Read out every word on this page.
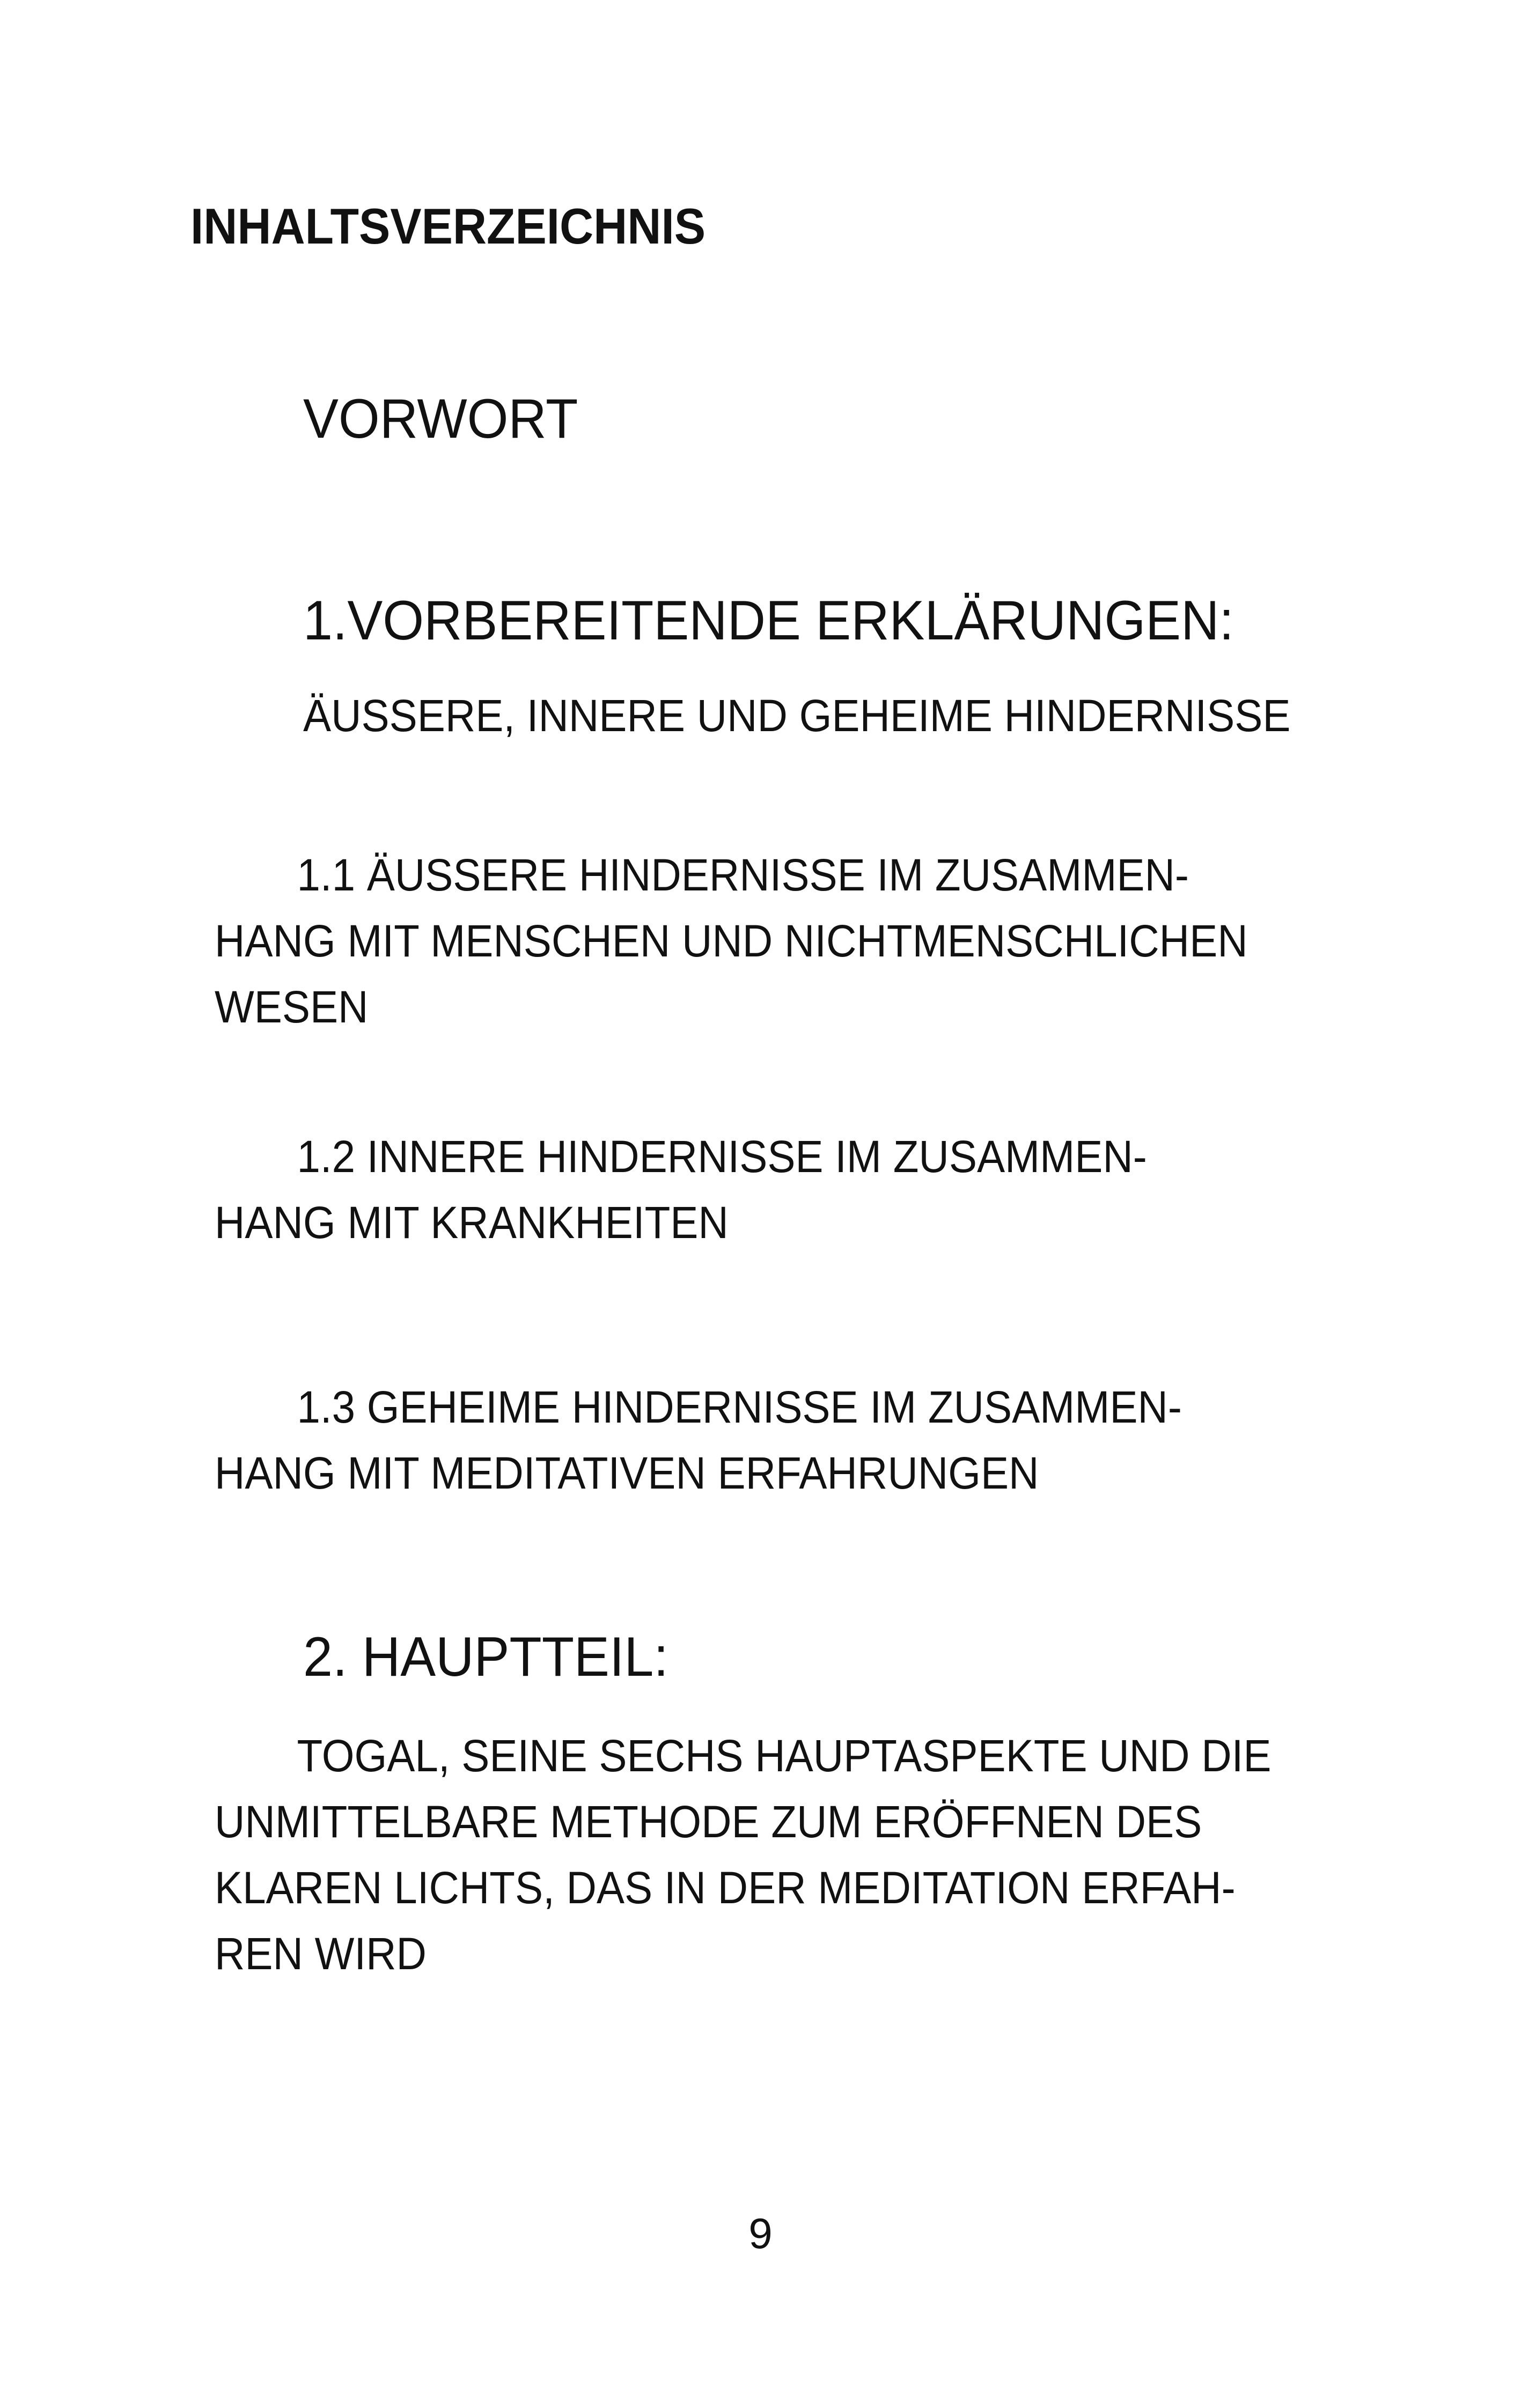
INHALTSVERZEICHNIS
VORWORT
1.VORBEREITENDE ERKLÄRUNGEN:
ÄUSSERE, INNERE UND GEHEIME HINDERNISSE
1.1 ÄUSSERE HINDERNISSE IM ZUSAMMEN-
HANG MIT MENSCHEN UND NICHTMENSCHLICHEN
WESEN
1.2 INNERE HINDERNISSE IM ZUSAMMEN-
HANG MIT KRANKHEITEN
1.3 GEHEIME HINDERNISSE IM ZUSAMMEN-
HANG MIT MEDITATIVEN ERFAHRUNGEN
2. HAUPTTEIL:
TOGAL, SEINE SECHS HAUPTASPEKTE UND DIE
UNMITTELBARE METHODE ZUM ERÖFFNEN DES
KLAREN LICHTS, DAS IN DER MEDITATION ERFAH-
REN WIRD
9
